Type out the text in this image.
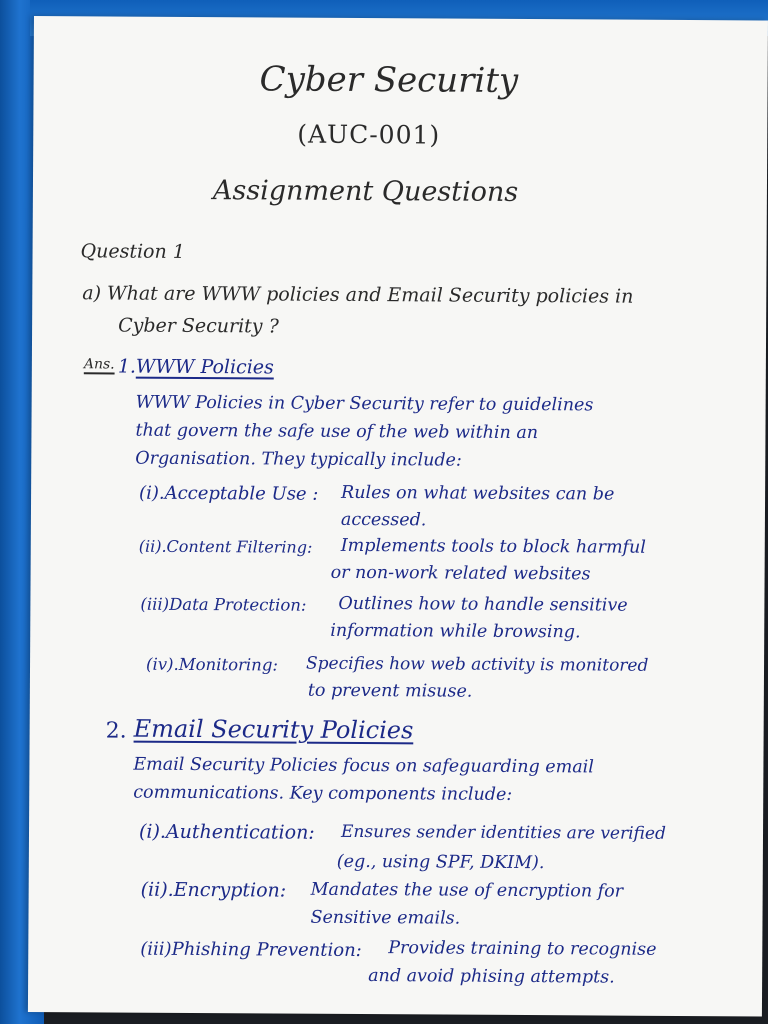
Cyber Security
(AUC-001)
Assignment Questions
Question 1
a) What are WWW policies and Email Security policies in
Cyber Security ?
Ans. 1. WWW Policies
WWW Policies in Cyber Security refer to guidelines
that govern the safe use of the web within an
Organisation. They typically include:
(i).Acceptable Use : Rules on what websites can be
accessed.
(ii).Content Filtering: Implements tools to block harmful
or non-work related websites
(iii)Data Protection: Outlines how to handle sensitive
information while browsing.
(iv).Monitoring: Specifies how web activity is monitored
to prevent misuse.
2. Email Security Policies
Email Security Policies focus on safeguarding email
communications. Key components include:
(i).Authentication: Ensures sender identities are verified
(eg., using SPF, DKIM).
(ii).Encryption: Mandates the use of encryption for
Sensitive emails.
(iii)Phishing Prevention: Provides training to recognise
and avoid phising attempts.
